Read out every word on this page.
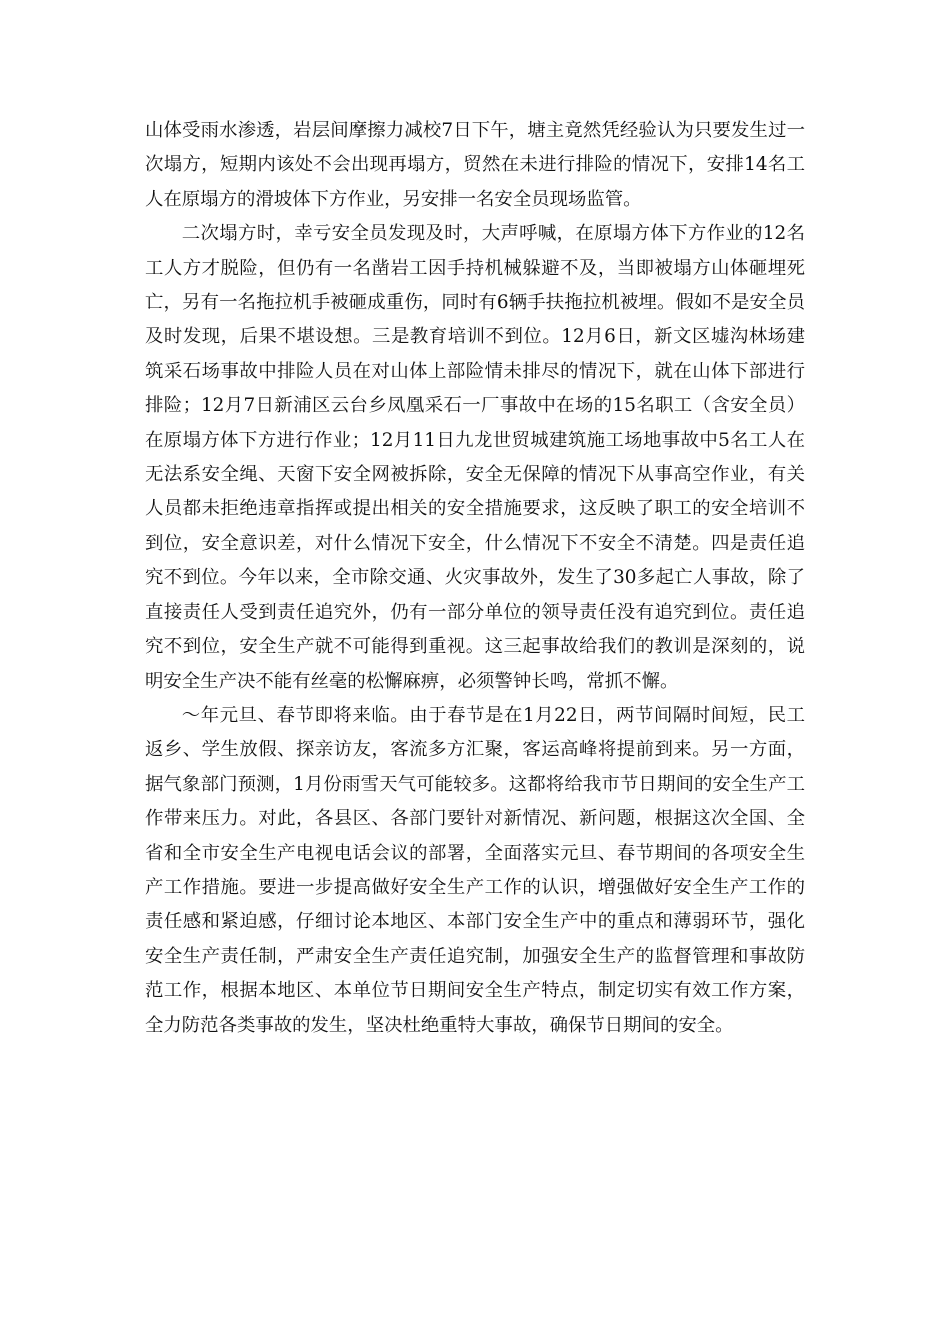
山体受雨水渗透，岩层间摩擦力减校7日下午，塘主竟然凭经验认为只要发生过一次塌方，短期内该处不会出现再塌方，贸然在未进行排险的情况下，安排14名工人在原塌方的滑坡体下方作业，另安排一名安全员现场监管。

二次塌方时，幸亏安全员发现及时，大声呼喊，在原塌方体下方作业的12名工人方才脱险，但仍有一名凿岩工因手持机械躲避不及，当即被塌方山体砸埋死亡，另有一名拖拉机手被砸成重伤，同时有6辆手扶拖拉机被埋。假如不是安全员及时发现，后果不堪设想。三是教育培训不到位。12月6日，新文区墟沟林场建筑采石场事故中排险人员在对山体上部险情未排尽的情况下，就在山体下部进行排险；12月7日新浦区云台乡凤凰采石一厂事故中在场的15名职工（含安全员）在原塌方体下方进行作业；12月11日九龙世贸城建筑施工场地事故中5名工人在无法系安全绳、天窗下安全网被拆除，安全无保障的情况下从事高空作业，有关人员都未拒绝违章指挥或提出相关的安全措施要求，这反映了职工的安全培训不到位，安全意识差，对什么情况下安全，什么情况下不安全不清楚。四是责任追究不到位。今年以来，全市除交通、火灾事故外，发生了30多起亡人事故，除了直接责任人受到责任追究外，仍有一部分单位的领导责任没有追究到位。责任追究不到位，安全生产就不可能得到重视。这三起事故给我们的教训是深刻的，说明安全生产决不能有丝毫的松懈麻痹，必须警钟长鸣，常抓不懈。

～年元旦、春节即将来临。由于春节是在1月22日，两节间隔时间短，民工返乡、学生放假、探亲访友，客流多方汇聚，客运高峰将提前到来。另一方面，据气象部门预测，1月份雨雪天气可能较多。这都将给我市节日期间的安全生产工作带来压力。对此，各县区、各部门要针对新情况、新问题，根据这次全国、全省和全市安全生产电视电话会议的部署，全面落实元旦、春节期间的各项安全生产工作措施。要进一步提高做好安全生产工作的认识，增强做好安全生产工作的责任感和紧迫感，仔细讨论本地区、本部门安全生产中的重点和薄弱环节，强化安全生产责任制，严肃安全生产责任追究制，加强安全生产的监督管理和事故防范工作，根据本地区、本单位节日期间安全生产特点，制定切实有效工作方案，全力防范各类事故的发生，坚决杜绝重特大事故，确保节日期间的安全。
